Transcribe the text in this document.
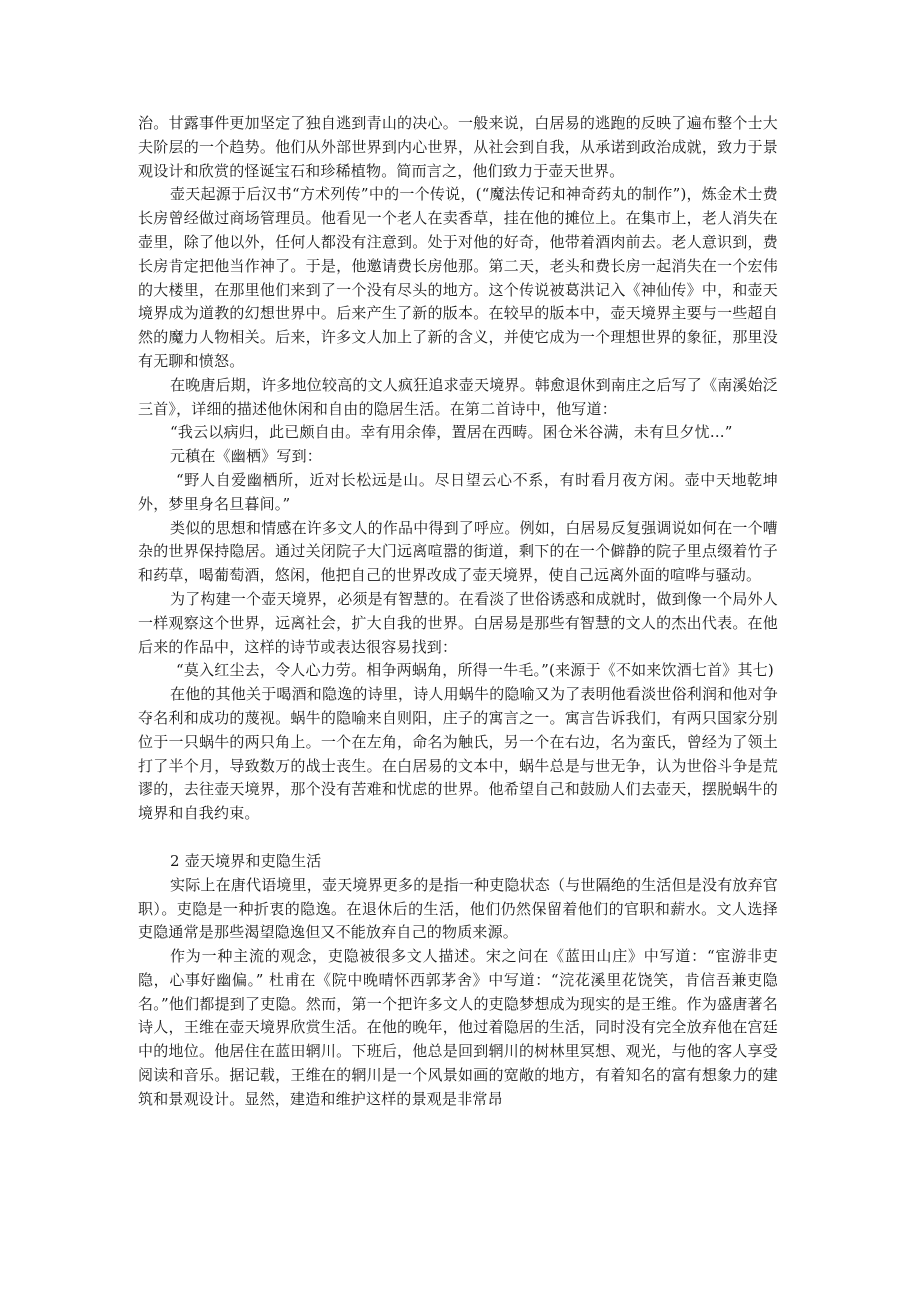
治。甘露事件更加坚定了独自逃到青山的决心。一般来说，白居易的逃跑的反映了遍布整个士大夫阶层的一个趋势。他们从外部世界到内心世界，从社会到自我，从承诺到政治成就，致力于景观设计和欣赏的怪诞宝石和珍稀植物。简而言之，他们致力于壶天世界。

壶天起源于后汉书“方术列传”中的一个传说，(“魔法传记和神奇药丸的制作”)，炼金术士费长房曾经做过商场管理员。他看见一个老人在卖香草，挂在他的摊位上。在集市上，老人消失在壶里，除了他以外，任何人都没有注意到。处于对他的好奇，他带着酒肉前去。老人意识到，费长房肯定把他当作神了。于是，他邀请费长房他那。第二天，老头和费长房一起消失在一个宏伟的大楼里，在那里他们来到了一个没有尽头的地方。这个传说被葛洪记入《神仙传》中，和壶天境界成为道教的幻想世界中。后来产生了新的版本。在较早的版本中，壶天境界主要与一些超自然的魔力人物相关。后来，许多文人加上了新的含义，并使它成为一个理想世界的象征，那里没有无聊和愤怒。

在晚唐后期，许多地位较高的文人疯狂追求壶天境界。韩愈退休到南庄之后写了《南溪始泛三首》，详细的描述他休闲和自由的隐居生活。在第二首诗中，他写道：

“我云以病归，此已颇自由。幸有用余俸，置居在西畴。囷仓米谷满，未有旦夕忧...”

元稹在《幽栖》写到：

“野人自爱幽栖所，近对长松远是山。尽日望云心不系，有时看月夜方闲。壶中天地乾坤外，梦里身名旦暮间。”

类似的思想和情感在许多文人的作品中得到了呼应。例如，白居易反复强调说如何在一个嘈杂的世界保持隐居。通过关闭院子大门远离喧嚣的街道，剩下的在一个僻静的院子里点缀着竹子和药草，喝葡萄酒，悠闲，他把自己的世界改成了壶天境界，使自己远离外面的喧哗与骚动。

为了构建一个壶天境界，必须是有智慧的。在看淡了世俗诱惑和成就时，做到像一个局外人一样观察这个世界，远离社会，扩大自我的世界。白居易是那些有智慧的文人的杰出代表。在他后来的作品中，这样的诗节或表达很容易找到：

“莫入红尘去，令人心力劳。相争两蜗角，所得一牛毛。”(来源于《不如来饮酒七首》其七)

在他的其他关于喝酒和隐逸的诗里，诗人用蜗牛的隐喻又为了表明他看淡世俗利润和他对争夺名利和成功的蔑视。蜗牛的隐喻来自则阳，庄子的寓言之一。寓言告诉我们，有两只国家分别位于一只蜗牛的两只角上。一个在左角，命名为触氏，另一个在右边，名为蛮氏，曾经为了领土打了半个月，导致数万的战士丧生。在白居易的文本中，蜗牛总是与世无争，认为世俗斗争是荒谬的，去往壶天境界，那个没有苦难和忧虑的世界。他希望自己和鼓励人们去壶天，摆脱蜗牛的境界和自我约束。

2 壶天境界和吏隐生活

实际上在唐代语境里，壶天境界更多的是指一种吏隐状态（与世隔绝的生活但是没有放弃官职）。吏隐是一种折衷的隐逸。在退休后的生活，他们仍然保留着他们的官职和薪水。文人选择吏隐通常是那些渴望隐逸但又不能放弃自己的物质来源。

作为一种主流的观念，吏隐被很多文人描述。宋之问在《蓝田山庄》中写道：“宦游非吏隐，心事好幽偏。” 杜甫在《院中晚晴怀西郭茅舍》中写道：“浣花溪里花饶笑，肯信吾兼吏隐名。”他们都提到了吏隐。然而，第一个把许多文人的吏隐梦想成为现实的是王维。作为盛唐著名诗人，王维在壶天境界欣赏生活。在他的晚年，他过着隐居的生活，同时没有完全放弃他在宫廷中的地位。他居住在蓝田辋川。下班后，他总是回到辋川的树林里冥想、观光，与他的客人享受阅读和音乐。据记载，王维在的辋川是一个风景如画的宽敞的地方，有着知名的富有想象力的建筑和景观设计。显然，建造和维护这样的景观是非常昂
